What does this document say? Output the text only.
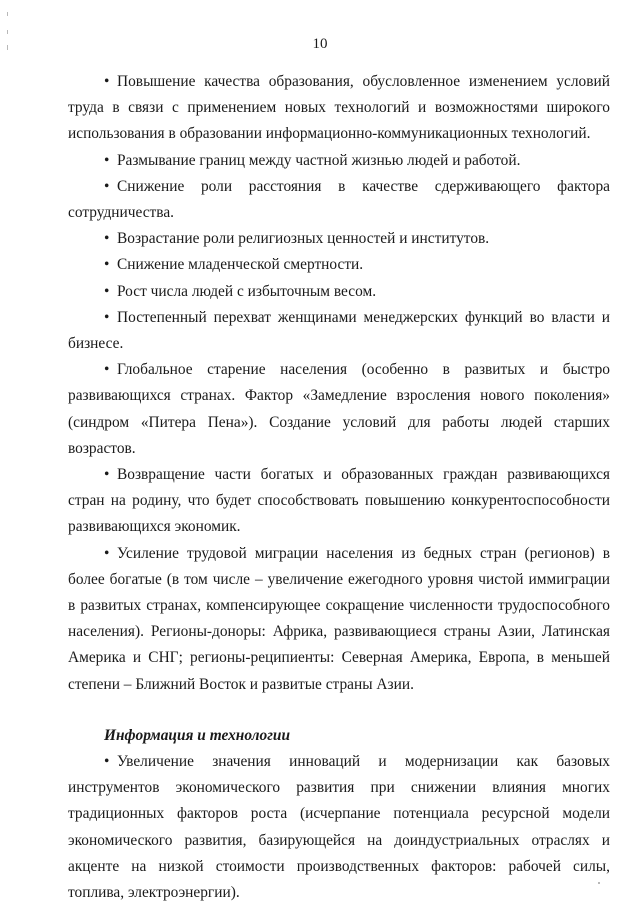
10

• Повышение качества образования, обусловленное изменением условий труда в связи с применением новых технологий и возможностями широкого использования в образовании информационно-коммуникационных технологий.

• Размывание границ между частной жизнью людей и работой.

• Снижение роли расстояния в качестве сдерживающего фактора сотрудничества.

• Возрастание роли религиозных ценностей и институтов.

• Снижение младенческой смертности.

• Рост числа людей с избыточным весом.

• Постепенный перехват женщинами менеджерских функций во власти и бизнесе.

• Глобальное старение населения (особенно в развитых и быстро развивающихся странах. Фактор «Замедление взросления нового поколения» (синдром «Питера Пена»). Создание условий для работы людей старших возрастов.

• Возвращение части богатых и образованных граждан развивающихся стран на родину, что будет способствовать повышению конкурентоспособности развивающихся экономик.

• Усиление трудовой миграции населения из бедных стран (регионов) в более богатые (в том числе – увеличение ежегодного уровня чистой иммиграции в развитых странах, компенсирующее сокращение численности трудоспособного населения). Регионы-доноры: Африка, развивающиеся страны Азии, Латинская Америка и СНГ; регионы-реципиенты: Северная Америка, Европа, в меньшей степени – Ближний Восток и развитые страны Азии.

Информация и технологии

• Увеличение значения инноваций и модернизации как базовых инструментов экономического развития при снижении влияния многих традиционных факторов роста (исчерпание потенциала ресурсной модели экономического развития, базирующейся на доиндустриальных отраслях и акценте на низкой стоимости производственных факторов: рабочей силы, топлива, электроэнергии).
